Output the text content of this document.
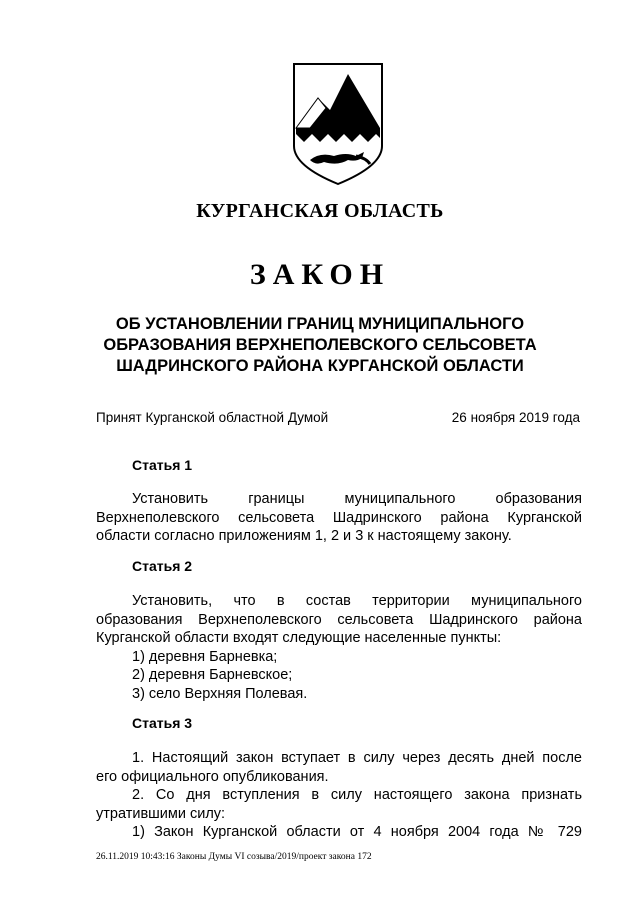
КУРГАНСКАЯ ОБЛАСТЬ
ЗАКОН
ОБ УСТАНОВЛЕНИИ ГРАНИЦ МУНИЦИПАЛЬНОГО
ОБРАЗОВАНИЯ ВЕРХНЕПОЛЕВСКОГО СЕЛЬСОВЕТА
ШАДРИНСКОГО РАЙОНА КУРГАНСКОЙ ОБЛАСТИ
Принят Курганской областной Думой	26 ноября 2019 года
Статья 1
Установить границы муниципального образования
Верхнеполевского сельсовета Шадринского района Курганской
области согласно приложениям 1, 2 и 3 к настоящему закону.
Статья 2
Установить, что в состав территории муниципального
образования Верхнеполевского сельсовета Шадринского района
Курганской области входят следующие населенные пункты:
1) деревня Барневка;
2) деревня Барневское;
3) село Верхняя Полевая.
Статья 3
1. Настоящий закон вступает в силу через десять дней после
его официального опубликования.
2. Со дня вступления в силу настоящего закона признать
утратившими силу:
1) Закон Курганской области от 4 ноября 2004 года № 729
26.11.2019 10:43:16 Законы Думы VI созыва/2019/проект закона 172
